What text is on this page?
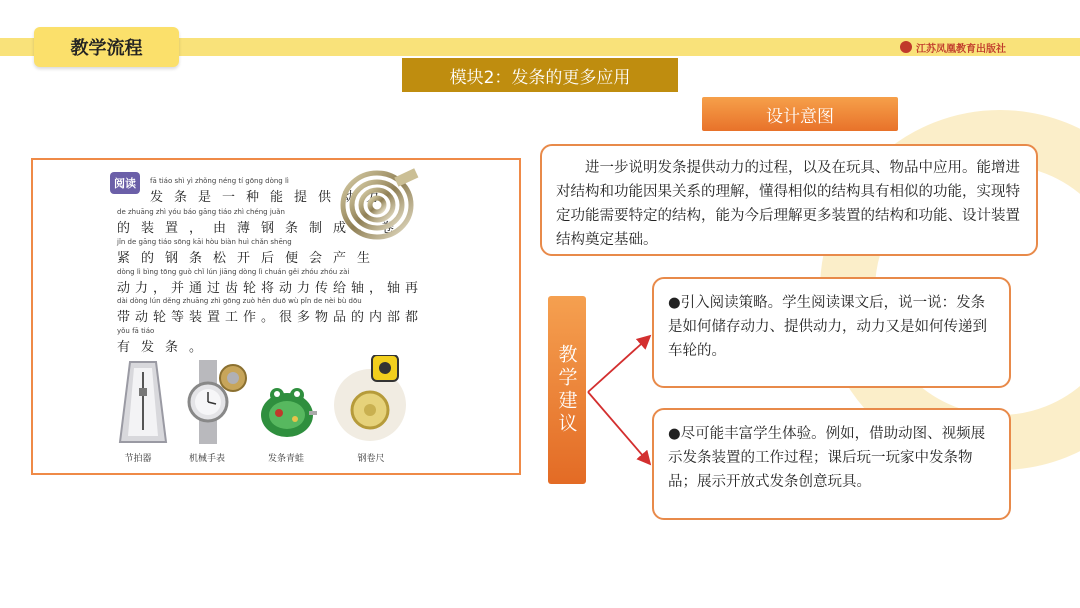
教学流程	江苏凤凰教育出版社
模块2：发条的更多应用
阅读	fā tiáo shì yì zhǒng néng tí gōng dòng lì
发条是一种能提供动力
de zhuāng zhì yóu báo gāng tiáo zhì chéng juǎn
的装置，由薄钢条制成。卷
jǐn de gāng tiáo sōng kāi hòu biàn huì chǎn shēng
紧的钢条松开后便会产生
dòng lì bìng tōng guò chǐ lún jiāng dòng lì chuán gěi zhóu zhóu zài
动力，并通过齿轮将动力传给轴，轴再
dài dòng lún děng zhuāng zhì gōng zuò hěn duō wù pǐn de nèi bù dōu
带动轮等装置工作。很多物品的内部都
yǒu fā tiáo
有发条。
节拍器	机械手表	发条青蛙	钢卷尺
设计意图
进一步说明发条提供动力的过程，以及在玩具、物品中应用。能增进对结构和功能因果关系的理解，懂得相似的结构具有相似的功能，实现特定功能需要特定的结构，能为今后理解更多装置的结构和功能、设计装置结构奠定基础。
教学建议
●引入阅读策略。学生阅读课文后，说一说：发条是如何储存动力、提供动力，动力又是如何传递到车轮的。
●尽可能丰富学生体验。例如，借助动图、视频展示发条装置的工作过程；课后玩一玩家中发条物品；展示开放式发条创意玩具。
